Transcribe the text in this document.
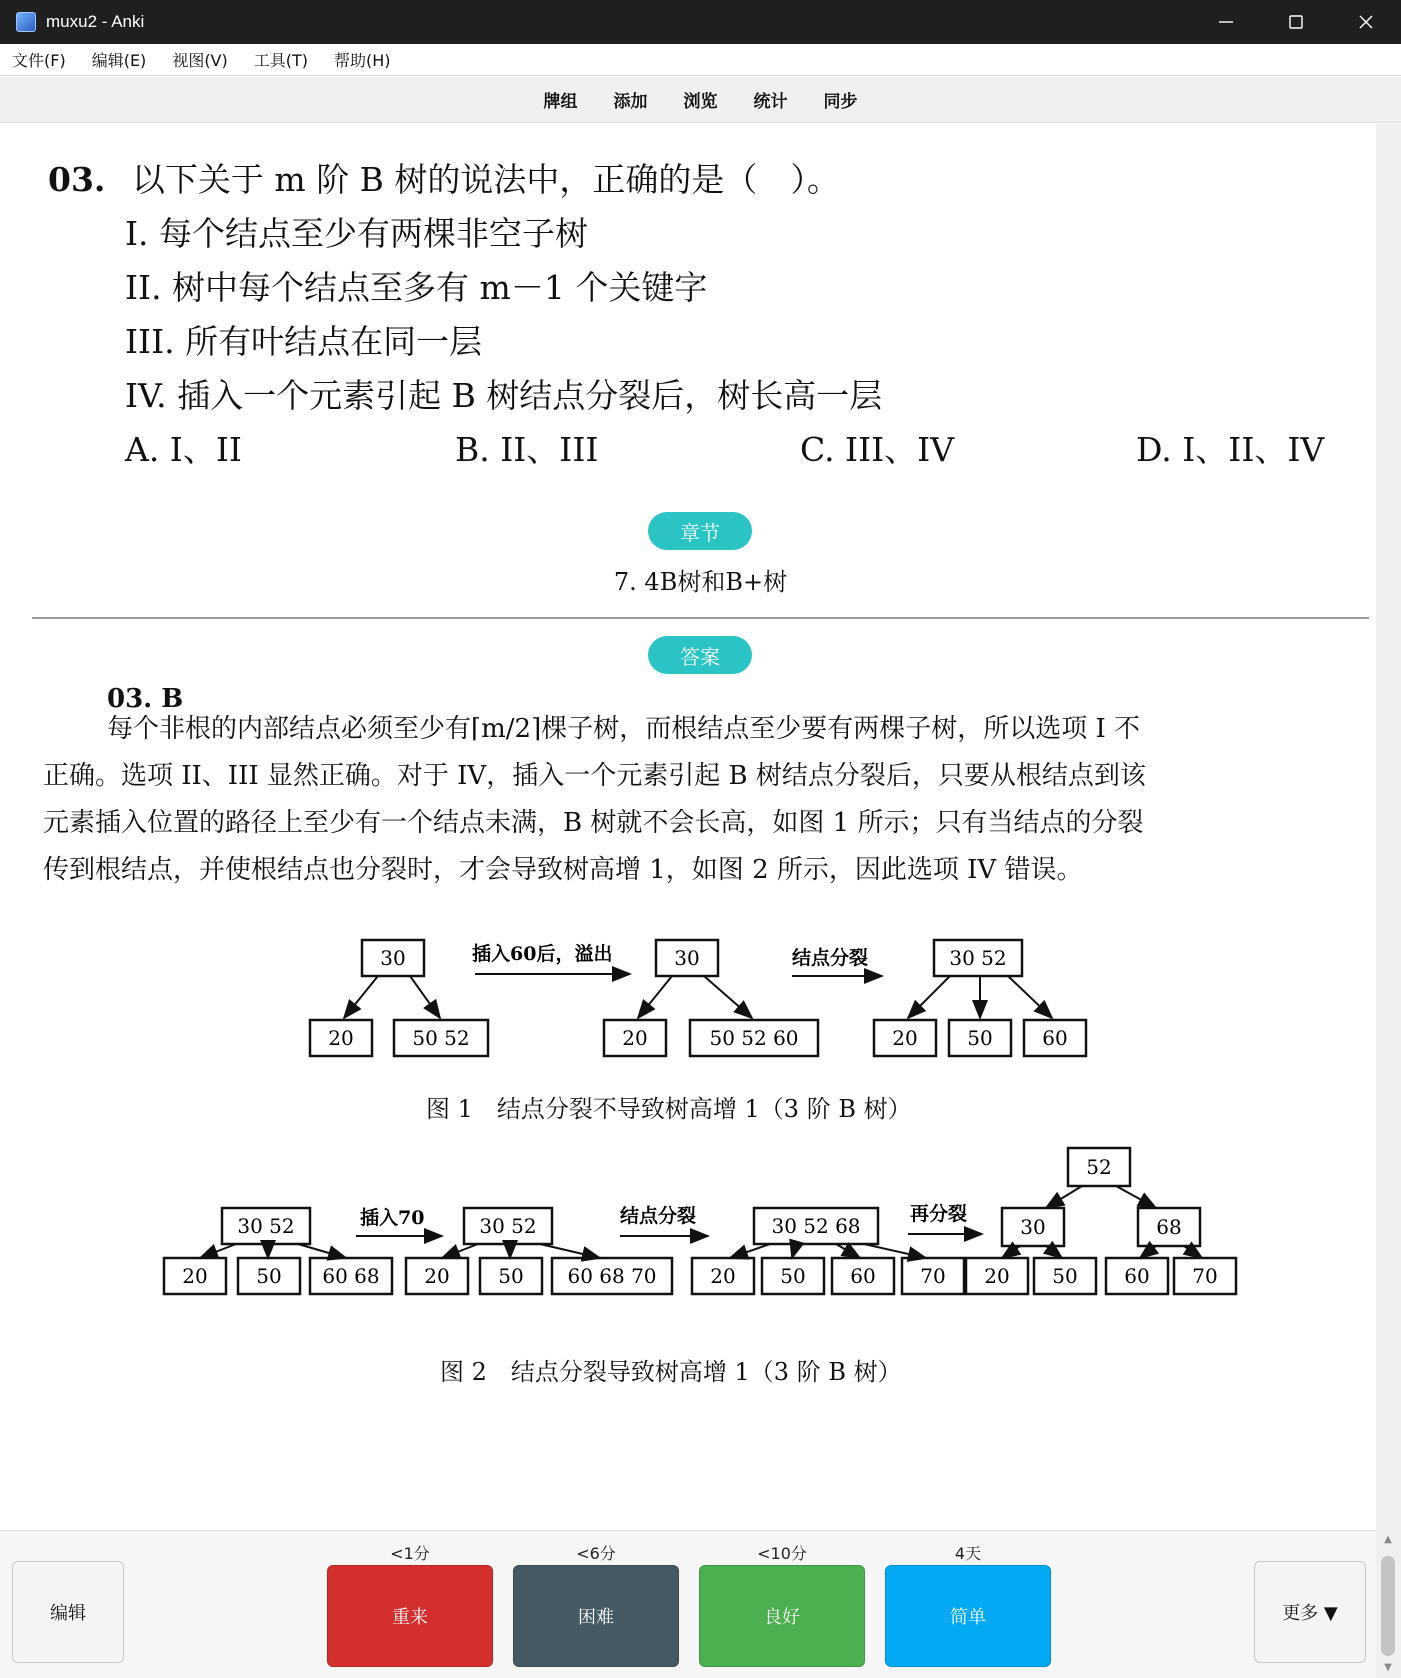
muxu2 - Anki
文件(F) 编辑(E) 视图(V) 工具(T) 帮助(H)
牌组 添加 浏览 统计 同步
03. 以下关于 m 阶 B 树的说法中，正确的是（　）。
I. 每个结点至少有两棵非空子树
II. 树中每个结点至多有 m－1 个关键字
III. 所有叶结点在同一层
IV. 插入一个元素引起 B 树结点分裂后，树长高一层
A. I、II	B. II、III	C. III、IV	D. I、II、IV
章节
7. 4B树和B+树
答案
03. B
每个非根的内部结点必须至少有⌈m/2⌉棵子树，而根结点至少要有两棵子树，所以选项 I 不
正确。选项 II、III 显然正确。对于 IV，插入一个元素引起 B 树结点分裂后，只要从根结点到该
元素插入位置的路径上至少有一个结点未满，B 树就不会长高，如图 1 所示；只有当结点的分裂
传到根结点，并使根结点也分裂时，才会导致树高增 1，如图 2 所示，因此选项 IV 错误。
30
20	50 52
插入60后，溢出	30
20	50 52 60
结点分裂	30 52
20 50 60
图 1　结点分裂不导致树高增 1（3 阶 B 树）
30 52
20 50 60 68
插入70	30 52
20 50 60 68 70
结点分裂	30 52 68
20 50 60 70
再分裂
52
30	68
20 50 60 70
图 2　结点分裂导致树高增 1（3 阶 B 树）
编辑
<1分
重来
<6分
困难
<10分
良好
4天
简单	更多 ▼
▲
▼
